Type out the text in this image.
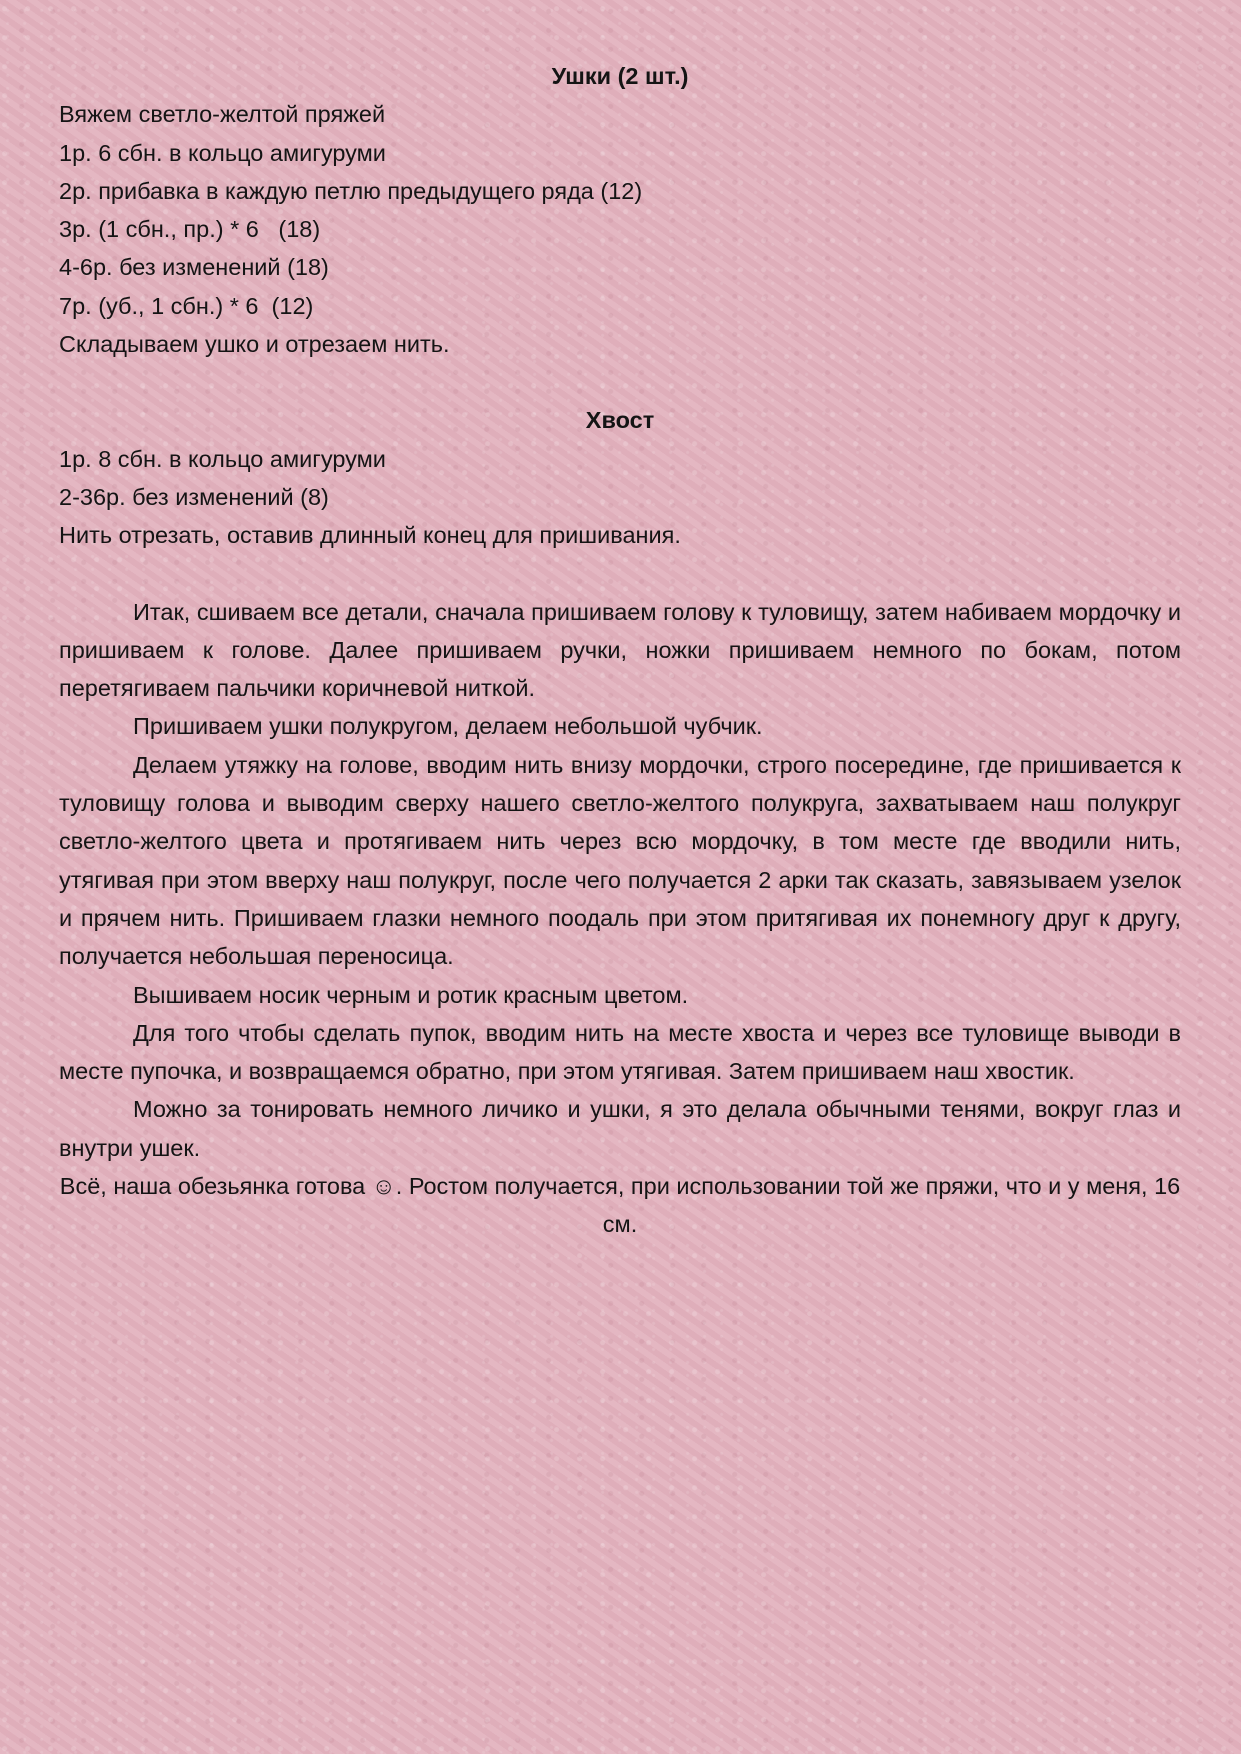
Ушки (2 шт.)

Вяжем светло-желтой пряжей

1р. 6 сбн. в кольцо амигуруми

2р. прибавка в каждую петлю предыдущего ряда (12)

3р. (1 сбн., пр.) * 6   (18)

4-6р. без изменений (18)

7р. (уб., 1 сбн.) * 6  (12)

Складываем ушко и отрезаем нить.

Хвост

1р. 8 сбн. в кольцо амигуруми

2-36р. без изменений (8)

Нить отрезать, оставив длинный конец для пришивания.

Итак, сшиваем все детали, сначала пришиваем голову к туловищу, затем набиваем мордочку и пришиваем к голове. Далее пришиваем ручки, ножки пришиваем немного по бокам, потом перетягиваем пальчики коричневой ниткой.

Пришиваем ушки полукругом, делаем небольшой чубчик.

Делаем утяжку на голове, вводим нить внизу мордочки, строго посередине, где пришивается к туловищу голова и выводим сверху нашего светло-желтого полукруга, захватываем наш полукруг светло-желтого цвета и протягиваем нить через всю мордочку, в том месте где вводили нить, утягивая при этом вверху наш полукруг, после чего получается 2 арки так сказать, завязываем узелок и прячем нить. Пришиваем глазки немного поодаль при этом притягивая их понемногу друг к другу, получается небольшая переносица.

Вышиваем носик черным и ротик красным цветом.

Для того чтобы сделать пупок, вводим нить на месте хвоста и через все туловище выводи в месте пупочка, и возвращаемся обратно, при этом утягивая. Затем пришиваем наш хвостик.

Можно за тонировать немного личико и ушки, я это делала обычными тенями, вокруг глаз и внутри ушек.

Всё, наша обезьянка готова ☺. Ростом получается, при использовании той же пряжи, что и у меня, 16 см.
